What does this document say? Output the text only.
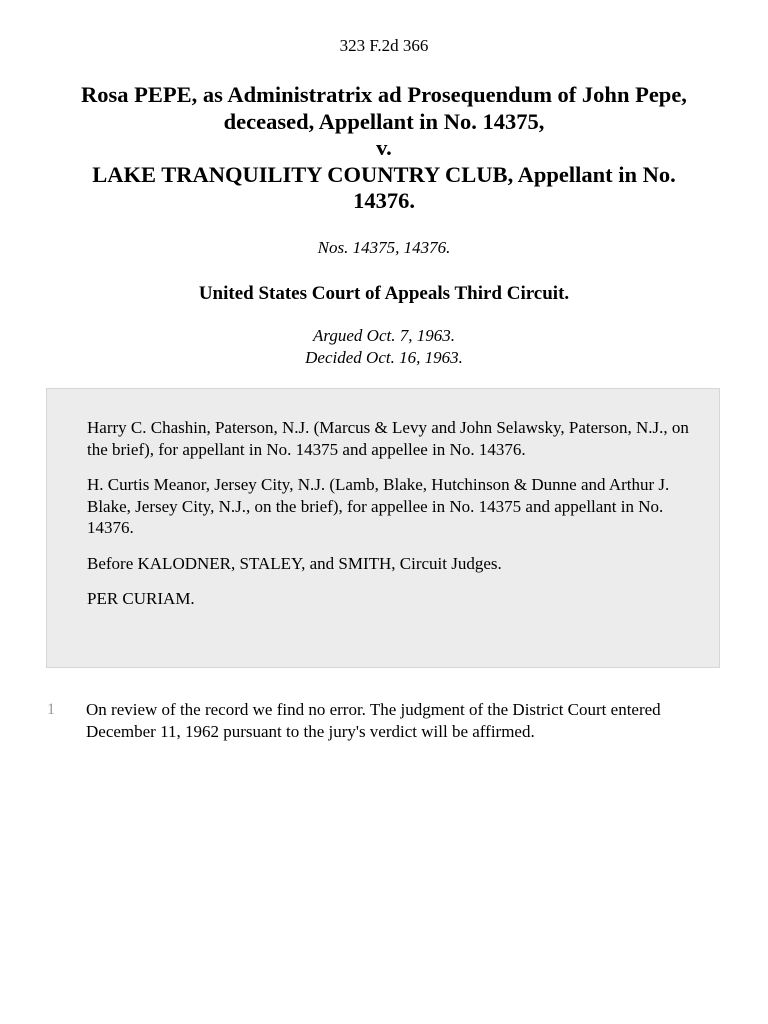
323 F.2d 366
Rosa PEPE, as Administratrix ad Prosequendum of John Pepe,
deceased, Appellant in No. 14375,
v.
LAKE TRANQUILITY COUNTRY CLUB, Appellant in No.
14376.
Nos. 14375, 14376.
United States Court of Appeals Third Circuit.
Argued Oct. 7, 1963.
Decided Oct. 16, 1963.

Harry C. Chashin, Paterson, N.J. (Marcus & Levy and John Selawsky, Paterson, N.J., on the brief), for appellant in No. 14375 and appellee in No. 14376.

H. Curtis Meanor, Jersey City, N.J. (Lamb, Blake, Hutchinson & Dunne and Arthur J. Blake, Jersey City, N.J., on the brief), for appellee in No. 14375 and appellant in No. 14376.

Before KALODNER, STALEY, and SMITH, Circuit Judges.

PER CURIAM.

1 On review of the record we find no error. The judgment of the District Court entered December 11, 1962 pursuant to the jury's verdict will be affirmed.
